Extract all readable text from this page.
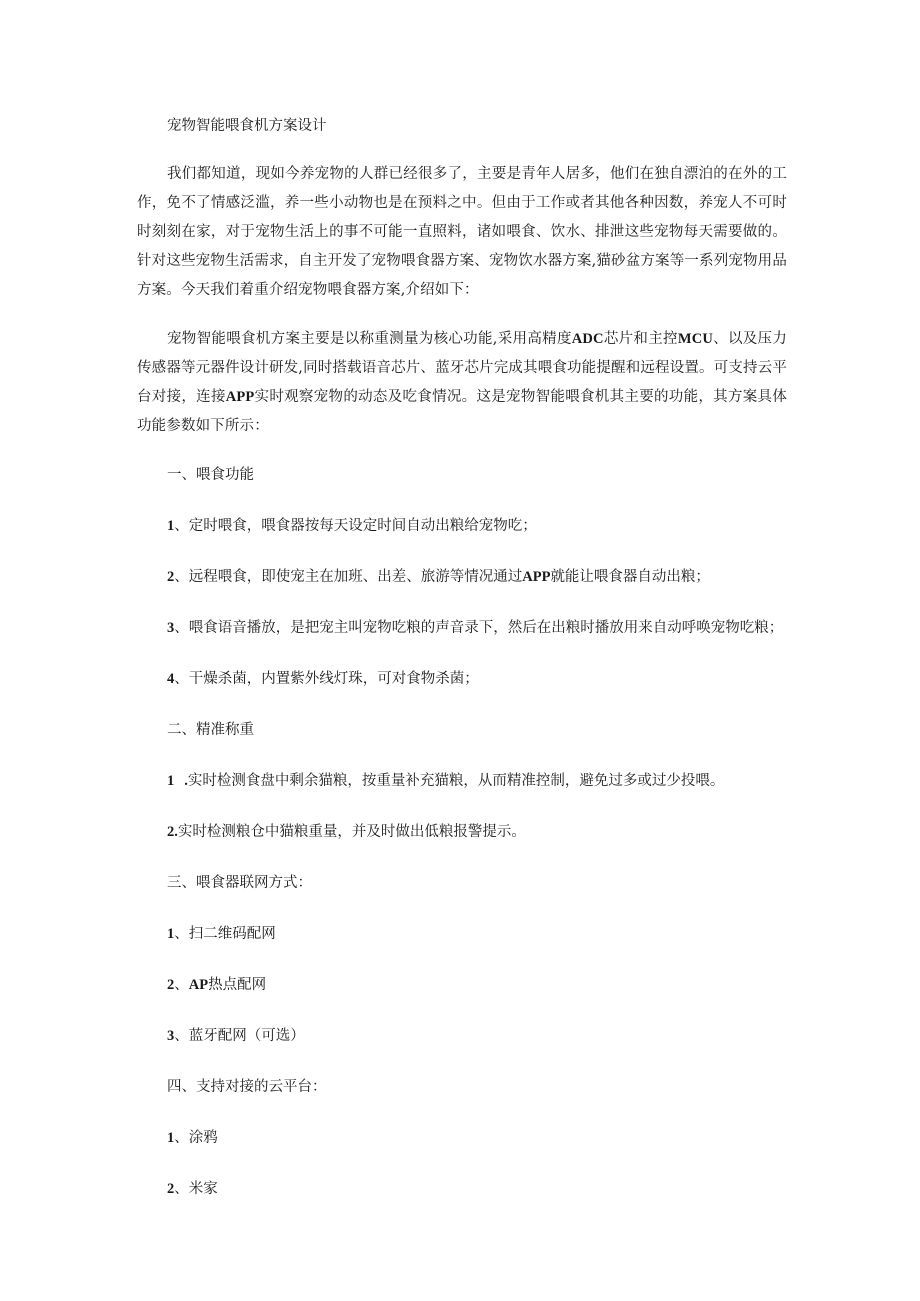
宠物智能喂食机方案设计

我们都知道，现如今养宠物的人群已经很多了，主要是青年人居多，他们在独自漂泊的在外的工作，免不了情感泛滥，养一些小动物也是在预料之中。但由于工作或者其他各种因数，养宠人不可时时刻刻在家，对于宠物生活上的事不可能一直照料，诸如喂食、饮水、排泄这些宠物每天需要做的。针对这些宠物生活需求，自主开发了宠物喂食器方案、宠物饮水器方案,猫砂盆方案等一系列宠物用品方案。今天我们着重介绍宠物喂食器方案,介绍如下：

宠物智能喂食机方案主要是以称重测量为核心功能,采用高精度ADC芯片和主控MCU、以及压力传感器等元器件设计研发,同时搭载语音芯片、蓝牙芯片完成其喂食功能提醒和远程设置。可支持云平台对接，连接APP实时观察宠物的动态及吃食情况。这是宠物智能喂食机其主要的功能，其方案具体功能参数如下所示：

一、喂食功能

1、定时喂食，喂食器按每天设定时间自动出粮给宠物吃；

2、远程喂食，即使宠主在加班、出差、旅游等情况通过APP就能让喂食器自动出粮；

3、喂食语音播放，是把宠主叫宠物吃粮的声音录下，然后在出粮时播放用来自动呼唤宠物吃粮；

4、干燥杀菌，内置紫外线灯珠，可对食物杀菌；

二、精准称重

1 .实时检测食盘中剩余猫粮，按重量补充猫粮，从而精准控制，避免过多或过少投喂。

2.实时检测粮仓中猫粮重量，并及时做出低粮报警提示。

三、喂食器联网方式：

1、扫二维码配网

2、AP热点配网

3、蓝牙配网（可选）

四、支持对接的云平台：

1、涂鸦

2、米家
